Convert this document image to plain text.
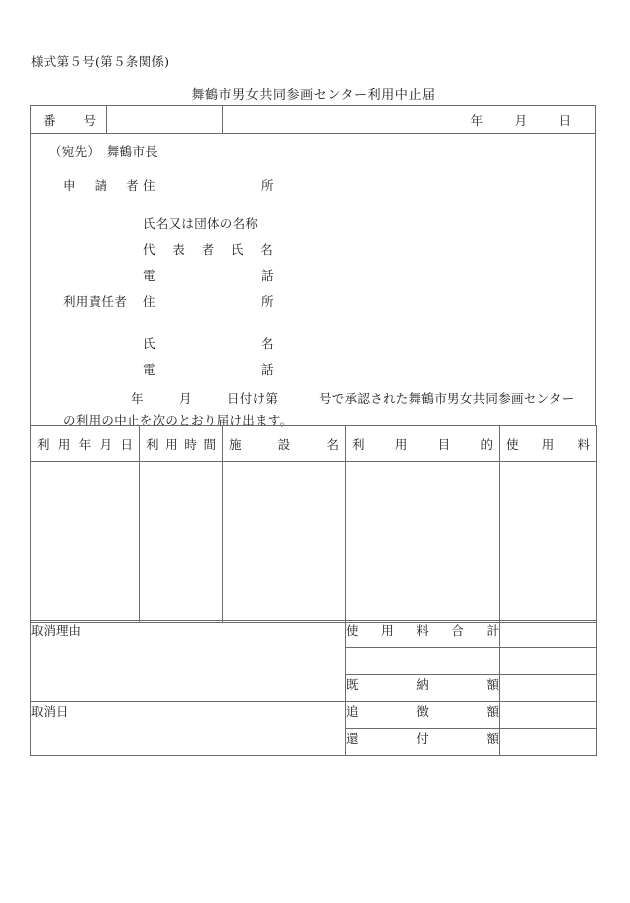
様式第５号(第５条関係)
舞鶴市男女共同参画センター利用中止届
番 号	年 月 日
（宛先）　舞鶴市長
申　請　者 住	所
氏名又は団体の名称
代　表　者　氏　名
電	話
利用責任者 住	所
氏	名
電	話
年	月	日付け第	号で承認された舞鶴市男女共同参画センター
の利用の中止を次のとおり届け出ます。
利用年月日	利用時間	施設名	利用目的	使用料

取消理由	使用料合計	

	既納額	

取消日	追徴額	
	還付額	
